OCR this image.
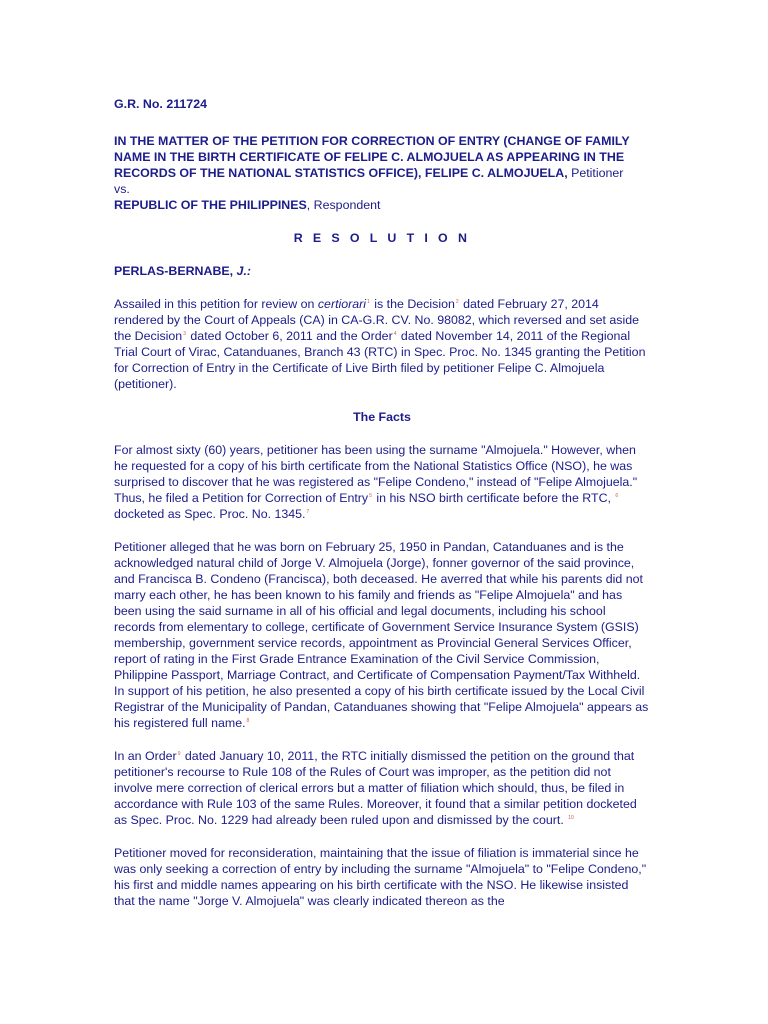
G.R. No. 211724

IN THE MATTER OF THE PETITION FOR CORRECTION OF ENTRY (CHANGE OF FAMILY NAME IN THE BIRTH CERTIFICATE OF FELIPE C. ALMOJUELA AS APPEARING IN THE RECORDS OF THE NATIONAL STATISTICS OFFICE), FELIPE C. ALMOJUELA, Petitioner
vs.
REPUBLIC OF THE PHILIPPINES, Respondent

R E S O L U T I O N

PERLAS-BERNABE, J.:

Assailed in this petition for review on certiorari$^1$ is the Decision$^2$ dated February 27, 2014 rendered by the Court of Appeals (CA) in CA-G.R. CV. No. 98082, which reversed and set aside the Decision$^3$ dated October 6, 2011 and the Order$^4$ dated November 14, 2011 of the Regional Trial Court of Virac, Catanduanes, Branch 43 (RTC) in Spec. Proc. No. 1345 granting the Petition for Correction of Entry in the Certificate of Live Birth filed by petitioner Felipe C. Almojuela (petitioner).

The Facts

For almost sixty (60) years, petitioner has been using the surname "Almojuela." However, when he requested for a copy of his birth certificate from the National Statistics Office (NSO), he was surprised to discover that he was registered as "Felipe Condeno," instead of "Felipe Almojuela." Thus, he filed a Petition for Correction of Entry$^5$ in his NSO birth certificate before the RTC, $^6$ docketed as Spec. Proc. No. 1345.$^7$

Petitioner alleged that he was born on February 25, 1950 in Pandan, Catanduanes and is the acknowledged natural child of Jorge V. Almojuela (Jorge), fonner governor of the said province, and Francisca B. Condeno (Francisca), both deceased. He averred that while his parents did not marry each other, he has been known to his family and friends as "Felipe Almojuela" and has been using the said surname in all of his official and legal documents, including his school records from elementary to college, certificate of Government Service Insurance System (GSIS) membership, government service records, appointment as Provincial General Services Officer, report of rating in the First Grade Entrance Examination of the Civil Service Commission, Philippine Passport, Marriage Contract, and Certificate of Compensation Payment/Tax Withheld. In support of his petition, he also presented a copy of his birth certificate issued by the Local Civil Registrar of the Municipality of Pandan, Catanduanes showing that "Felipe Almojuela" appears as his registered full name.$^8$

In an Order$^9$ dated January 10, 2011, the RTC initially dismissed the petition on the ground that petitioner's recourse to Rule 108 of the Rules of Court was improper, as the petition did not involve mere correction of clerical errors but a matter of filiation which should, thus, be filed in accordance with Rule 103 of the same Rules. Moreover, it found that a similar petition docketed as Spec. Proc. No. 1229 had already been ruled upon and dismissed by the court. $^{10}$

Petitioner moved for reconsideration, maintaining that the issue of filiation is immaterial since he was only seeking a correction of entry by including the surname "Almojuela" to "Felipe Condeno," his first and middle names appearing on his birth certificate with the NSO. He likewise insisted that the name "Jorge V. Almojuela" was clearly indicated thereon as the
